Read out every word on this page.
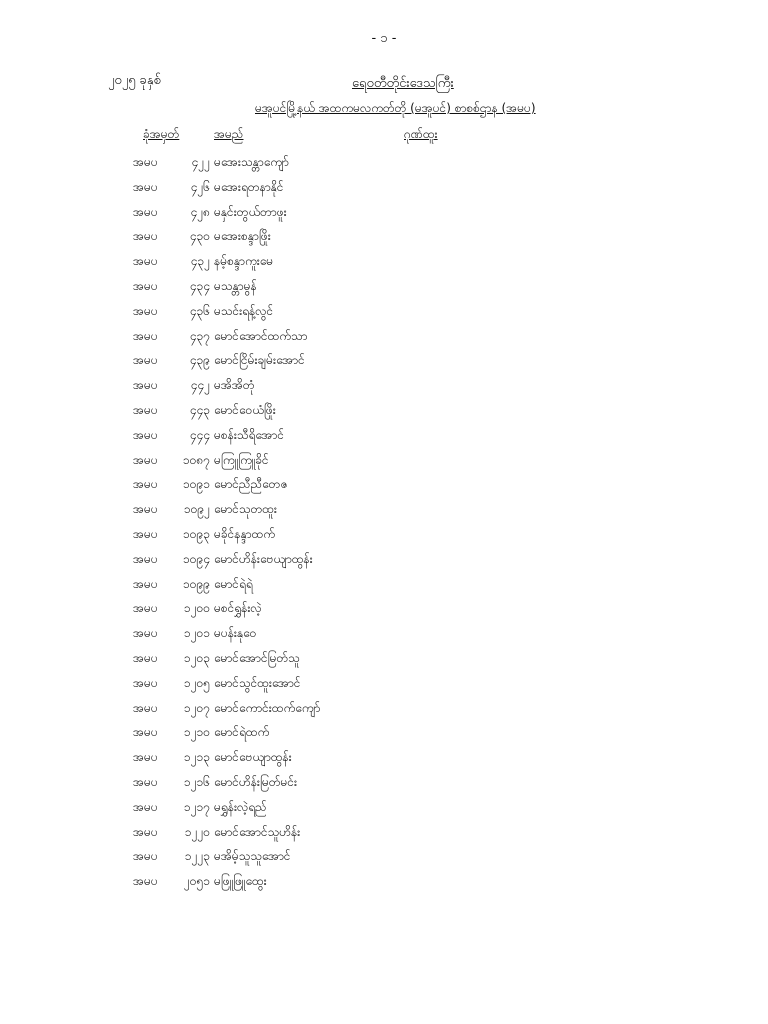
- ၁ -
၂၀၂၅ ခုနှစ်	ရေဝတီတိုင်းဒေသကြီး
မအူပင်မြို့နယ် အထကမလကတ်တို (မအူပင်) စာစစ်ဌာန (အမပ)
ခုံအမှတ်	အမည်	ဂုဏ်ထူး
အမပ	၄၂၂ မအေးသန္တာကျော်
အမပ	၄၂၆ မအေးရတနာနိုင်
အမပ	၄၂၈ မနှင်းတွယ်တာဖူး
အမပ	၄၃၀ မအေးစန္ဒာဖြိုး
အမပ	၄၃၂ နမ့်စန္ဒာကူးမေ
အမပ	၄၃၄ မသန္တာမွန်
အမပ	၄၃၆ မသင်းရန့်လွင်
အမပ	၄၃၇ မောင်အောင်ထက်သာ
အမပ	၄၃၉ မောင်ငြိမ်းချမ်းအောင်
အမပ	၄၄၂ မအိအိတုံ
အမပ	၄၄၃ မောင်ဝေယံဖြိုး
အမပ	၄၄၄ မစန်းသီရိအောင်
အမပ ၁၀၈၇ မကြူကြူခိုင်
အမပ ၁၀၉၁ မောင်ညီညီတေဇ
အမပ	၁၀၉၂ မောင်သုတထူး
အမပ ၁၀၉၃ မခိုင်နန္ဒာထက်
အမပ ၁၀၉၄ မောင်ဟိန်းဗေယျာထွန်း
အမပ ၁၀၉၉ မောင်ရဲရဲ
အမပ	၁၂၀၀ မစင်ရွှန်းလဲ့
အမပ	၁၂၀၁ မပန်းနုဝေ
အမပ	၁၂၀၃ မောင်အောင်မြတ်သူ
အမပ	၁၂၀၅ မောင်သွင်ထူးအောင်
အမပ	၁၂၀၇ မောင်ကောင်းထက်ကျော်
အမပ	၁၂၁၀ မောင်ရဲထက်
အမပ	၁၂၁၃ မောင်ဗေယျာထွန်း
အမပ	၁၂၁၆ မောင်ဟိန်းမြတ်မင်း
အမပ	၁၂၁၇ မရွှန်းလဲ့ရည်
အမပ	၁၂၂၀ မောင်အောင်သူဟိန်း
အမပ	၁၂၂၃ မအိမ့်သူသူအောင်
အမပ	၂၀၅၁ မဖြူဖြူထွေး
